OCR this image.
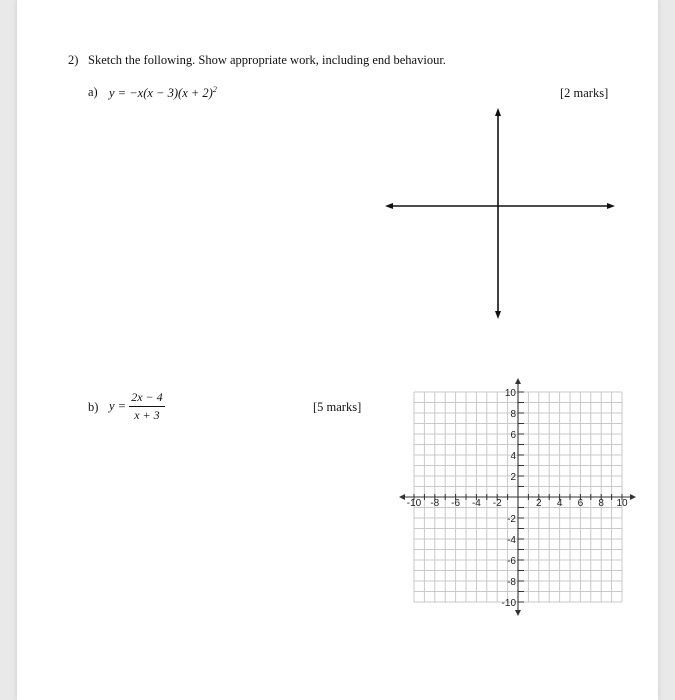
2) Sketch the following. Show appropriate work, including end behaviour.
a) $y = -x(x - 3)(x + 2)^2$	[2 marks]
b) $y = \frac{2x - 4}{x + 3}$	[5 marks]
-10 -8 -6 -4 -2	2 4 6 8 10
10
8
6
4
2
-2
-4
-6
-8
-10
